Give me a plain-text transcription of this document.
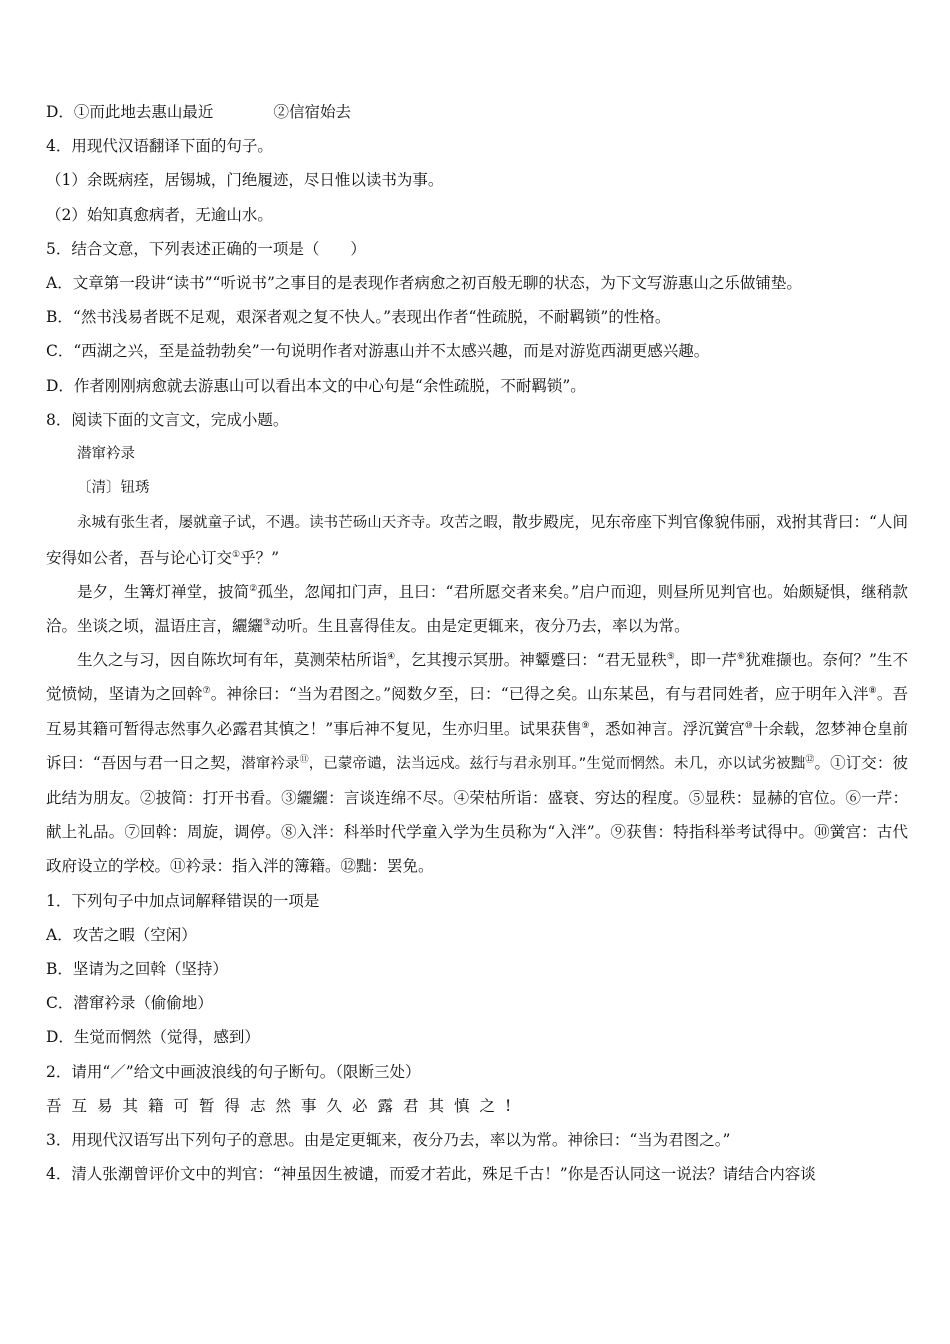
D．①而此地去惠山最近	②信宿始去

4．用现代汉语翻译下面的句子。

（1）余既病痊，居锡城，门绝履迹，尽日惟以读书为事。

（2）始知真愈病者，无逾山水。

5．结合文意，下列表述正确的一项是（　　）

A．文章第一段讲“读书”“听说书”之事目的是表现作者病愈之初百般无聊的状态，为下文写游惠山之乐做铺垫。

B．“然书浅易者既不足观，艰深者观之复不快人。”表现出作者“性疏脱，不耐羁锁”的性格。

C．“西湖之兴，至是益勃勃矣”一句说明作者对游惠山并不太感兴趣，而是对游览西湖更感兴趣。

D．作者刚刚病愈就去游惠山可以看出本文的中心句是“余性疏脱，不耐羁锁”。

8．阅读下面的文言文，完成小题。

潜窜衿录

〔清〕钮琇

永城有张生者，屡就童子试，不遇。读书芒砀山天齐寺。攻苦之暇，散步殿庑，见东帝座下判官像貌伟丽，戏拊其背曰：“人间安得如公者，吾与论心订交①乎？”

是夕，生篝灯禅堂，披简②孤坐，忽闻扣门声，且曰：“君所愿交者来矣。”启户而迎，则昼所见判官也。始颇疑惧，继稍款洽。坐谈之顷，温语庄言，纚纚③动听。生且喜得佳友。由是定更辄来，夜分乃去，率以为常。

生久之与习，因自陈坎坷有年，莫测荣枯所诣④，乞其搜示冥册。神颦蹙曰：“君无显秩⑤，即一芹⑥犹难撷也。奈何？”生不觉愤恸，坚请为之回斡⑦。神徐曰：“当为君图之。”阅数夕至，曰：“已得之矣。山东某邑，有与君同姓者，应于明年入泮⑧。吾互易其籍可暂得志然事久必露君其慎之！”事后神不复见，生亦归里。试果获售⑨，悉如神言。浮沉黉宫⑩十余载，忽梦神仓皇前诉曰：“吾因与君一日之契，潜窜衿录⑪，已蒙帝谴，法当远戍。兹行与君永别耳。”生觉而惘然。未几，亦以试劣被黜⑫。①订交：彼此结为朋友。②披简：打开书看。③纚纚：言谈连绵不尽。④荣枯所诣：盛衰、穷达的程度。⑤显秩：显赫的官位。⑥一芹：献上礼品。⑦回斡：周旋，调停。⑧入泮：科举时代学童入学为生员称为“入泮”。⑨获售：特指科举考试得中。⑩黉宫：古代政府设立的学校。⑪衿录：指入泮的簿籍。⑫黜：罢免。

1．下列句子中加点词解释错误的一项是

A．攻苦之暇（空闲）

B．坚请为之回斡（坚持）

C．潜窜衿录（偷偷地）

D．生觉而惘然（觉得，感到）

2．请用“／”给文中画波浪线的句子断句。（限断三处）

吾互易其籍可暂得志然事久必露君其慎之!

3．用现代汉语写出下列句子的意思。由是定更辄来，夜分乃去，率以为常。神徐曰：“当为君图之。”

4．清人张潮曾评价文中的判官：“神虽因生被谴，而爱才若此，殊足千古！”你是否认同这一说法？请结合内容谈
